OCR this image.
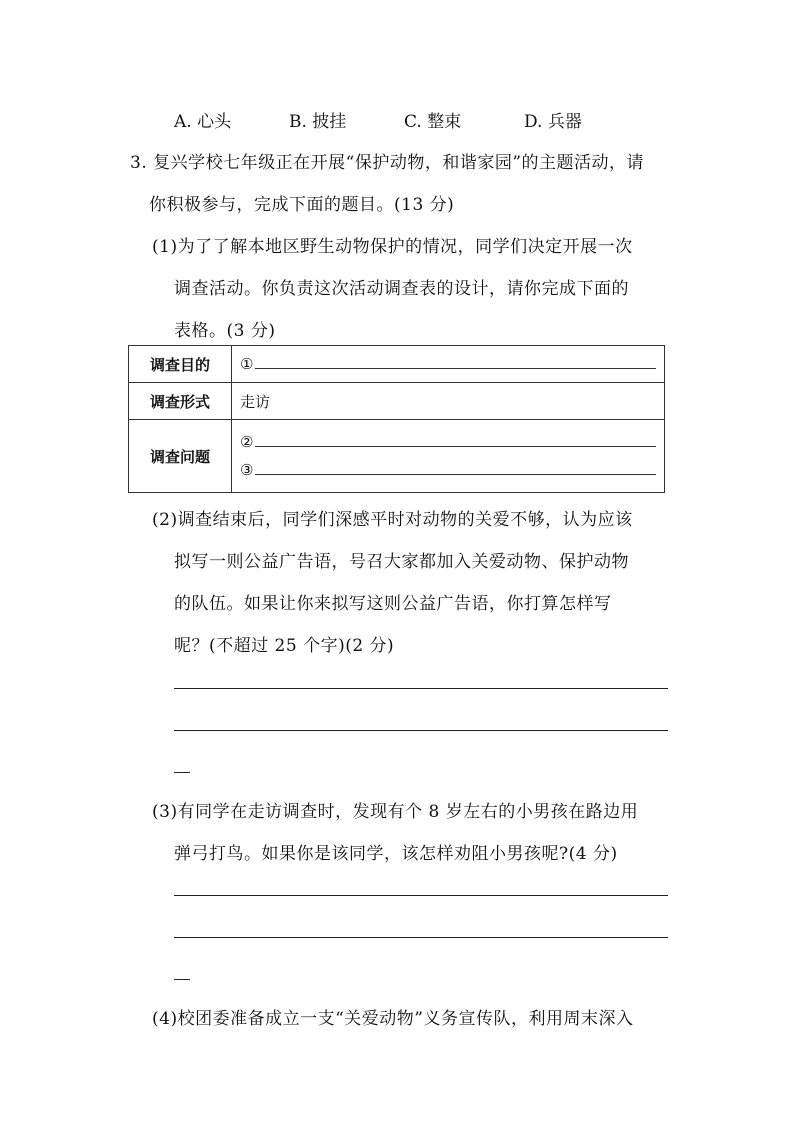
A. 心头	B. 披挂	C. 整束	D. 兵器
3. 复兴学校七年级正在开展“保护动物，和谐家园”的主题活动，请
你积极参与，完成下面的题目。(13 分)
(1)为了了解本地区野生动物保护的情况，同学们决定开展一次
调查活动。你负责这次活动调查表的设计，请你完成下面的
表格。(3 分)
调查目的	①

调查形式	走访
调查问题	②
③
(2)调查结束后，同学们深感平时对动物的关爱不够，认为应该
拟写一则公益广告语，号召大家都加入关爱动物、保护动物
的队伍。如果让你来拟写这则公益广告语，你打算怎样写
呢？(不超过 25 个字)(2 分)
(3)有同学在走访调查时，发现有个 8 岁左右的小男孩在路边用
弹弓打鸟。如果你是该同学，该怎样劝阻小男孩呢?(4 分)
(4)校团委准备成立一支“关爱动物”义务宣传队，利用周末深入
